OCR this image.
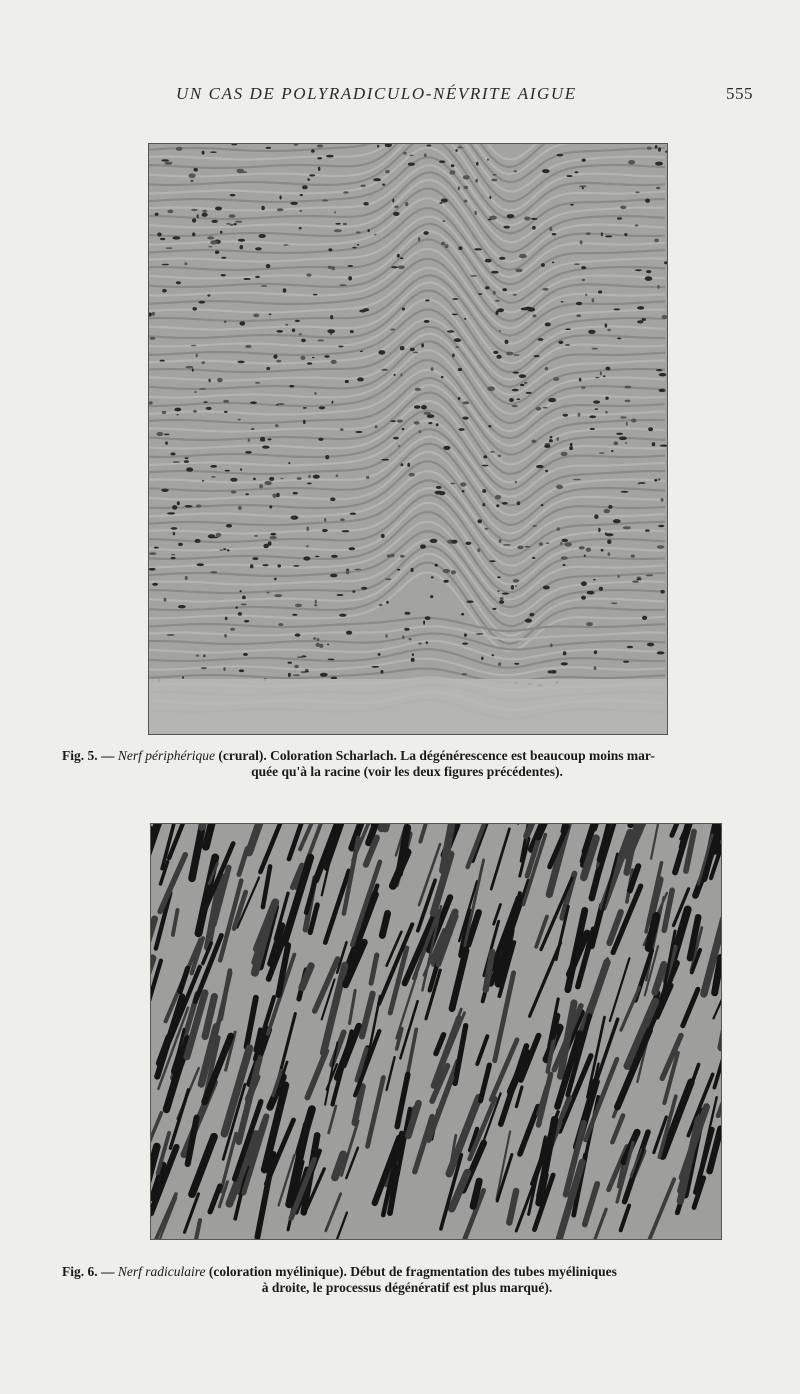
UN CAS DE POLYRADICULO-NÉVRITE AIGUE	555
Fig. 5. — Nerf périphérique (crural). Coloration Scharlach. La dégénérescence est beaucoup moins mar-
quée qu'à la racine (voir les deux figures précédentes).
Fig. 6. — Nerf radiculaire (coloration myélinique). Début de fragmentation des tubes myéliniques
à droite, le processus dégénératif est plus marqué).
